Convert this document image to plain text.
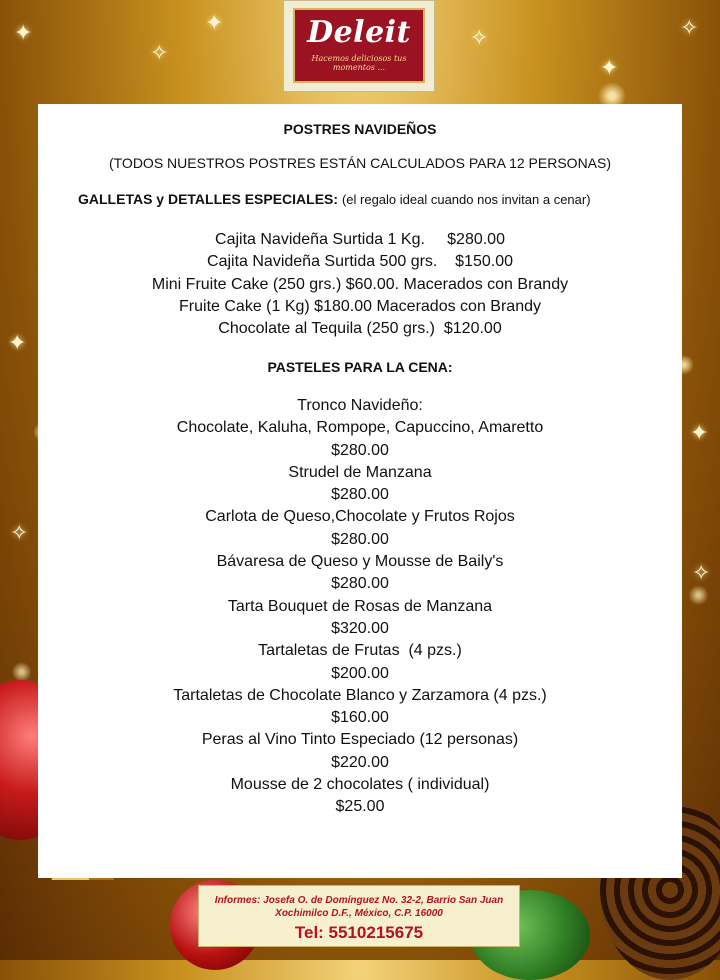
✦
✧
✦
✧
✦
✧
✦
✦
✧
✧
Deleit
Hacemos deliciosos tus momentos ...
POSTRES NAVIDEÑOS
(TODOS NUESTROS POSTRES ESTÁN CALCULADOS PARA 12 PERSONAS)
GALLETAS y DETALLES ESPECIALES: (el regalo ideal cuando nos invitan a cenar)
Cajita Navideña Surtida 1 Kg.     $280.00
Cajita Navideña Surtida 500 grs.    $150.00
Mini Fruite Cake (250 grs.) $60.00. Macerados con Brandy
Fruite Cake (1 Kg) $180.00 Macerados con Brandy
Chocolate al Tequila (250 grs.)  $120.00
PASTELES PARA LA CENA:
Tronco Navideño:
Chocolate, Kaluha, Rompope, Capuccino, Amaretto
$280.00
Strudel de Manzana
$280.00
Carlota de Queso,Chocolate y Frutos Rojos
$280.00
Bávaresa de Queso y Mousse de Baily's
$280.00
Tarta Bouquet de Rosas de Manzana
$320.00
Tartaletas de Frutas  (4 pzs.)
$200.00
Tartaletas de Chocolate Blanco y Zarzamora (4 pzs.)
$160.00
Peras al Vino Tinto Especiado (12 personas)
$220.00
Mousse de 2 chocolates ( individual)
$25.00
Informes: Josefa O. de Domínguez No. 32-2, Barrio San Juan
Xochimilco D.F., México, C.P. 16000
Tel: 5510215675
